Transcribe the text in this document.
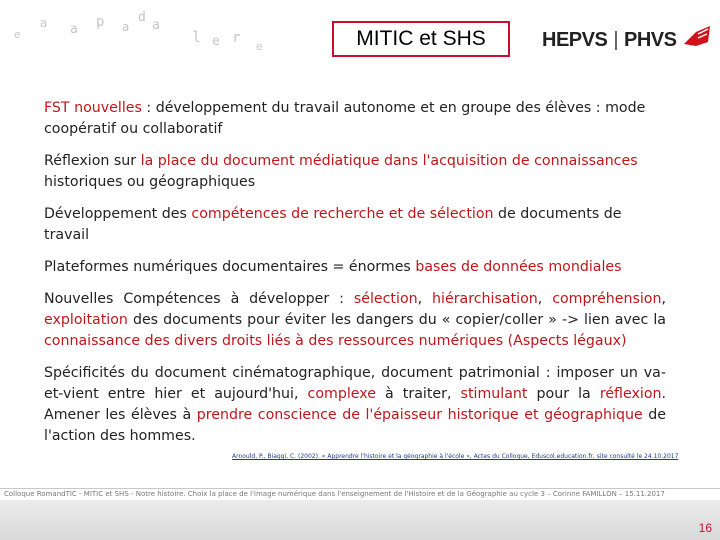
e
a a p a
d
a
l e r
e	MITIC et SHS	HEPVS | PHVS

FST nouvelles : développement du travail autonome et en groupe des élèves : mode coopératif ou collaboratif

Réflexion sur la place du document médiatique dans l'acquisition de connaissances historiques ou géographiques

Développement des compétences de recherche et de sélection de documents de travail

Plateformes numériques documentaires = énormes bases de données mondiales

Nouvelles Compétences à développer : sélection, hiérarchisation, compréhension, exploitation des documents pour éviter les dangers du « copier/coller » -> lien avec la connaissance des divers droits liés à des ressources numériques (Aspects légaux)

Spécificités du document cinématographique, document patrimonial : imposer un va-et-vient entre hier et aujourd'hui, complexe à traiter, stimulant pour la réflexion. Amener les élèves à prendre conscience de l'épaisseur historique et géographique de l'action des hommes.

Arnould, P., Biaggi, C. (2002). « Apprendre l'histoire et la géographie à l'école », Actes du Colloque, Eduscol.education.fr, site consulté le 24.10.2017
Colloque RomandTIC - MITIC et SHS - Notre histoire. Choix la place de l'image numérique dans l'enseignement de l'Histoire et de la Géographie au cycle 3 – Corinne FAMILLON – 15.11.2017
16
